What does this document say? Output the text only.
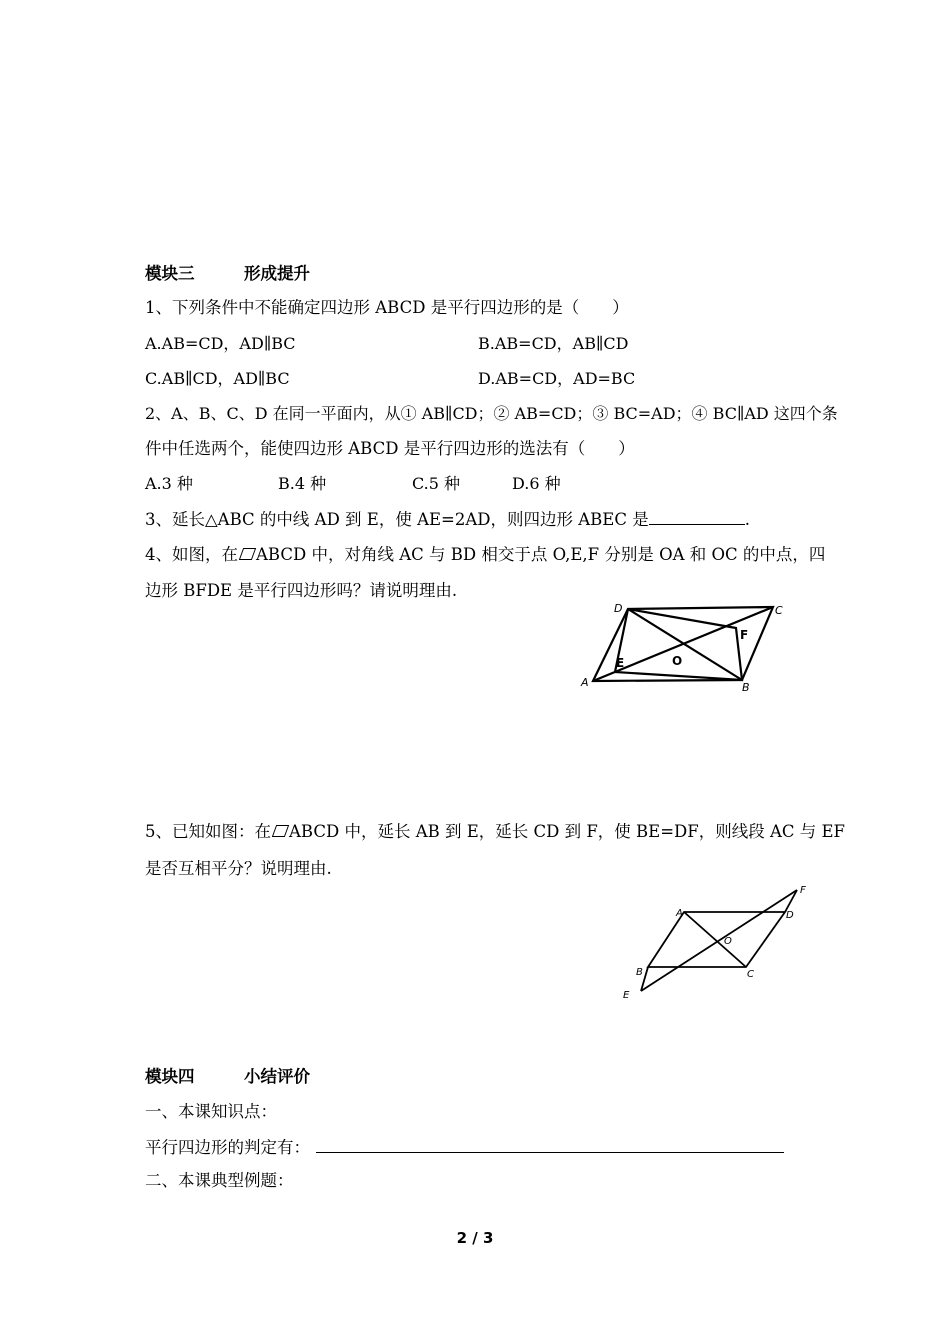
模块三	形成提升
1、下列条件中不能确定四边形 ABCD 是平行四边形的是（　　）
A.AB=CD，AD∥BC	B.AB=CD，AB∥CD
C.AB∥CD，AD∥BC	D.AB=CD，AD=BC
2、A、B、C、D 在同一平面内，从① AB∥CD；② AB=CD；③ BC=AD；④ BC∥AD 这四个条
件中任选两个，能使四边形 ABCD 是平行四边形的选法有（　　）
A.3 种	B.4 种	C.5 种	D.6 种
3、延长△ABC 的中线 AD 到 E，使 AE=2AD，则四边形 ABEC 是	.
4、如图，在 ABCD 中，对角线 AC 与 BD 相交于点 O,E,F 分别是 OA 和 OC 的中点，四
边形 BFDE 是平行四边形吗？请说明理由.
A
D	C
B
E
F
O
5、已知如图：在 ABCD 中，延长 AB 到 E，延长 CD 到 F，使 BE=DF，则线段 AC 与 EF
是否互相平分？说明理由.
A	D
F
O
B	C
E
模块四	小结评价
一、本课知识点：
平行四边形的判定有：
二、本课典型例题：
2 / 3
